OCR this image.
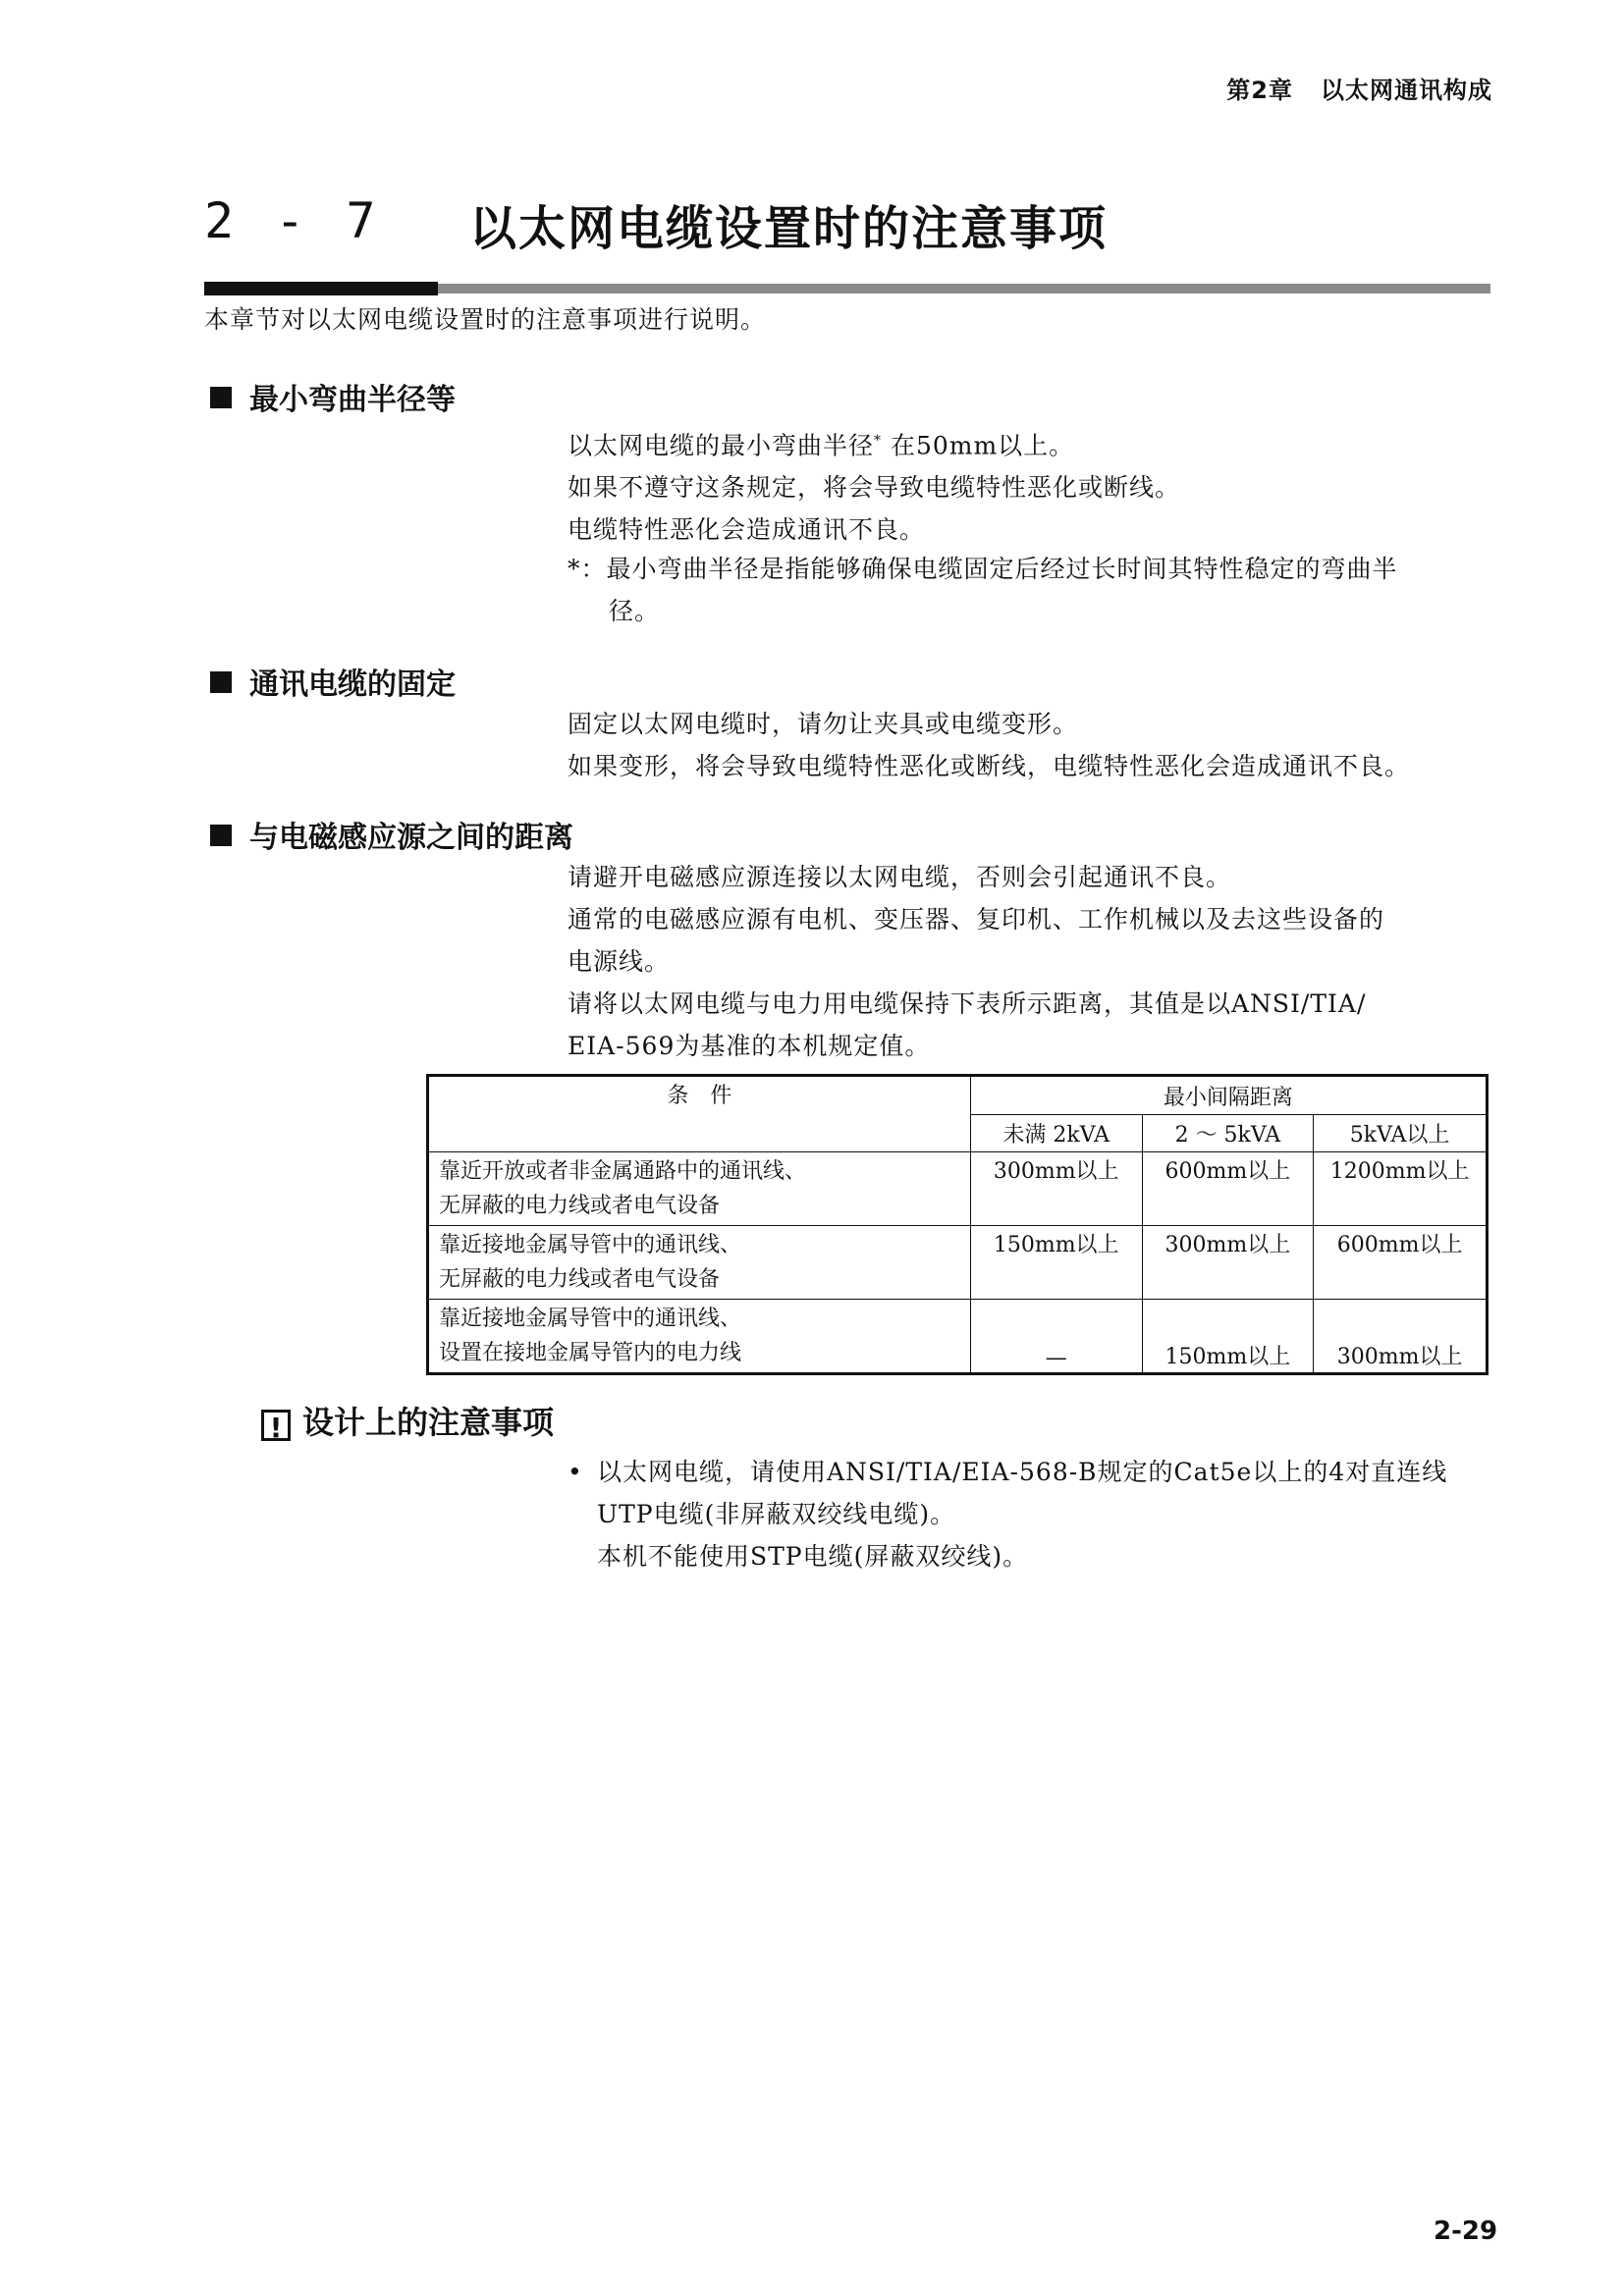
第2章 以太网通讯构成
2 - 7 以太网电缆设置时的注意事项
本章节对以太网电缆设置时的注意事项进行说明。
最小弯曲半径等
以太网电缆的最小弯曲半径* 在50mm以上。
如果不遵守这条规定，将会导致电缆特性恶化或断线。
电缆特性恶化会造成通讯不良。
*：最小弯曲半径是指能够确保电缆固定后经过长时间其特性稳定的弯曲半
径。
通讯电缆的固定
固定以太网电缆时，请勿让夹具或电缆变形。
如果变形，将会导致电缆特性恶化或断线，电缆特性恶化会造成通讯不良。
与电磁感应源之间的距离
请避开电磁感应源连接以太网电缆，否则会引起通讯不良。
通常的电磁感应源有电机、变压器、复印机、工作机械以及去这些设备的
电源线。
请将以太网电缆与电力用电缆保持下表所示距离，其值是以ANSI/TIA/
EIA-569为基准的本机规定值。
条　件	最小间隔距离		
	未满 2kVA	2 ～ 5kVA	5kVA以上

靠近开放或者非金属通路中的通讯线、
无屏蔽的电力线或者电气设备	300mm以上	600mm以上	1200mm以上

靠近接地金属导管中的通讯线、
无屏蔽的电力线或者电气设备	150mm以上	300mm以上	600mm以上

靠近接地金属导管中的通讯线、
设置在接地金属导管内的电力线	—	150mm以上	300mm以上
! 设计上的注意事项
• 以太网电缆，请使用ANSI/TIA/EIA-568-B规定的Cat5e以上的4对直连线
UTP电缆(非屏蔽双绞线电缆)。
本机不能使用STP电缆(屏蔽双绞线)。
2-29
